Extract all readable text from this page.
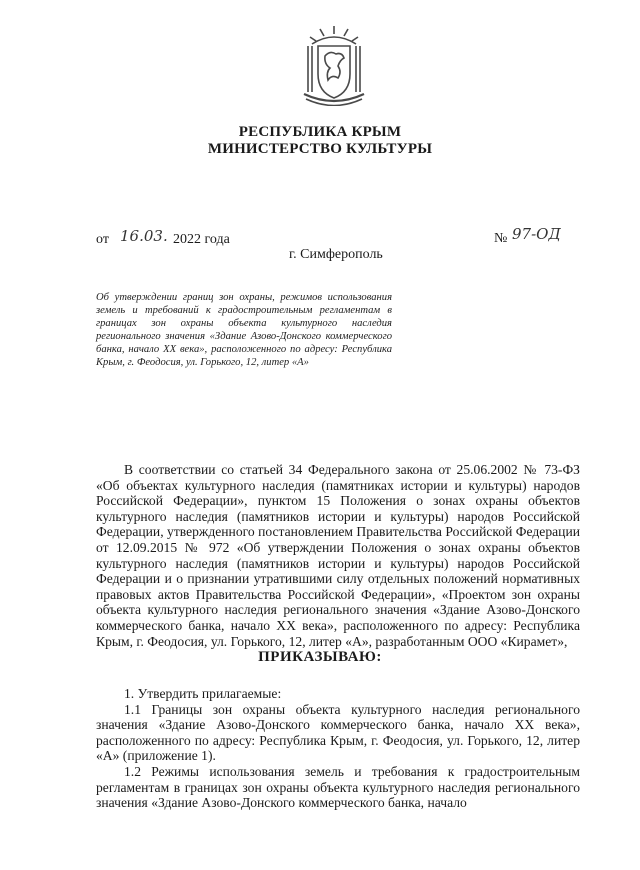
РЕСПУБЛИКА КРЫМ
МИНИСТЕРСТВО КУЛЬТУРЫ
от 16.03. 2022 года	№ 97-ОД
г. Симферополь
Об утверждении границ зон охраны, режимов использования земель и требований к градостроительным регламентам в границах зон охраны объекта культурного наследия регионального значения «Здание Азово-Донского коммерческого банка, начало XX века», расположенного по адресу: Республика Крым, г. Феодосия, ул. Горького, 12, литер «А»

В соответствии со статьей 34 Федерального закона от 25.06.2002 № 73-ФЗ «Об объектах культурного наследия (памятниках истории и культуры) народов Российской Федерации», пунктом 15 Положения о зонах охраны объектов культурного наследия (памятников истории и культуры) народов Российской Федерации, утвержденного постановлением Правительства Российской Федерации от 12.09.2015 № 972 «Об утверждении Положения о зонах охраны объектов культурного наследия (памятников истории и культуры) народов Российской Федерации и о признании утратившими силу отдельных положений нормативных правовых актов Правительства Российской Федерации», «Проектом зон охраны объекта культурного наследия регионального значения «Здание Азово-Донского коммерческого банка, начало XX века», расположенного по адресу: Республика Крым, г. Феодосия, ул. Горького, 12, литер «А», разработанным ООО «Кирамет»,

ПРИКАЗЫВАЮ:

1. Утвердить прилагаемые:

1.1 Границы зон охраны объекта культурного наследия регионального значения «Здание Азово-Донского коммерческого банка, начало XX века», расположенного по адресу: Республика Крым, г. Феодосия, ул. Горького, 12, литер «А» (приложение 1).

1.2 Режимы использования земель и требования к градостроительным регламентам в границах зон охраны объекта культурного наследия регионального значения «Здание Азово-Донского коммерческого банка, начало
